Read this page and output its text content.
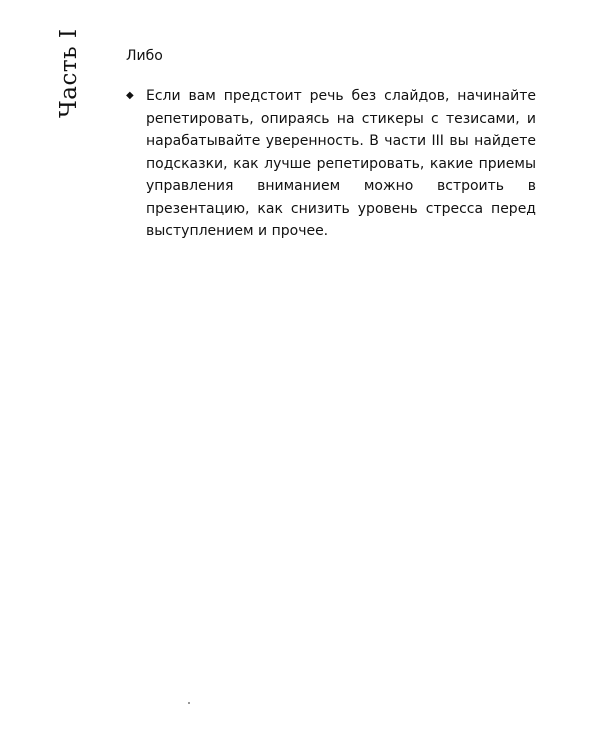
Часть I	Либо
◆ Если вам предстоит речь без слайдов, начинайте репетировать, опираясь на стикеры с тезисами, и нарабатывайте уверенность. В части III вы найдете подсказки, как лучше репетировать, какие приемы управления вниманием можно встроить в презентацию, как снизить уровень стресса перед выступлением и прочее.
